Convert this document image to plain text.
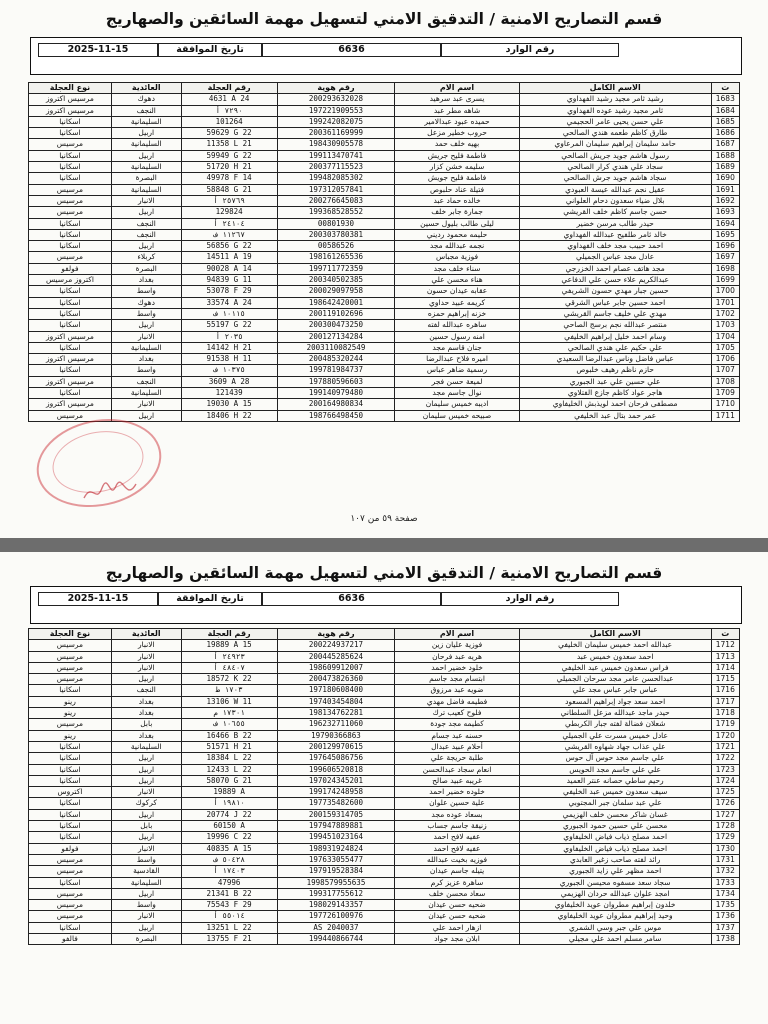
قسم التصاريح الامنية / التدقيق الامني لتسهيل مهمة السائقين والصهاريج
رقم الوارد
6636
تاريخ الموافقة
2025-11-15
نوع العجلة	العائدية	رقم العجلة	رقم هوية	اسم الام	الاسم الكامل	ت
مرسيس اكتروز	دهوك	4631 A 24	200293632028	يسرى عبد سرهيد	رشيد ثامر مجيد رشيد الفهداوي	1683
مرسيس اكتروز	النجف	٧٢٩٠ أ	197221909553	شاهه مطر عبد	ثامر مجيد رشيد عوده الفهداوي	1684
اسكانيا	السليمانية	101264	199242082075	حميده عبود عبدالامير	علي حسن يحيى عامر الحجيمي	1685
اسكانيا	اربيل	59629 G 22	200361169999	حروب خطير مزعل	طارق كاظم طعمه هندي الصالحي	1686
مرسيس	السليمانية	11358 L 21	198430905578	بهيه خلف حمد	حامد سليمان إبراهيم سليمان المرعاوي	1687
اسكانيا	اربيل	59949 G 22	199113470741	فاطمة فليح جريش	رسول هاشم جويد جريش الصالحي	1688
اسكانيا	السليمانية	51720 H 21	200377115523	سليمه خشن كزار	سجاد علي هندي كرار الصالحي	1689
اسكانيا	البصرة	49978 F 14	199482085302	فاطمة فليح جويش	سجاد هاشم جويد جرش الصالحي	1690
مرسيس	السليمانية	58848 G 21	197312057841	فتيلة عناد حلبوص	عقيل نجم عبدالله عيسة العبودي	1691
مرسيس	الانبار	٢٥٧٦٩ أ	200276645083	خالده حماد عبد	بلال ضياء سعدون دحام العلواني	1692
مرسيس	اربيل	129824	199368528552	جمارة جابر خلف	حسن جاسم كاظم خلف القريشي	1693
اسكانيا	النجف	٢٤١٠٤ أ	00801930	ليلى طالب بليول حسين	حيدر طالب مرسن خضير	1694
اسكانيا	النجف	١١٢٦٧ ف	200303780381	حليمه محمود رديني	خالد ثامر طلفيح عبدالله الفهداوي	1695
اسكانيا	اربيل	56856 G 22	00586526	نجمه عبدالله مجد	احمد حبيب مجد خلف الفهداوي	1696
مرسيس	كربلاء	14511 A 19	198161265536	فوزية مجباس	عادل مجد عباس الجميلي	1697
فولفو	البصرة	90028 A 14	199711772359	سناء خلف مجد	مجد هاتف عصام احمد الخزرجي	1698
اكتروز مرسيس	بغداد	94839 G 11	200340502385	هناء محسن علي	عبدالكريم علاء حسن علي الدفاعي	1699
اسكانيا	واسط	53078 F 29	200029097958	عقابه عيدان حسون	حسين جبار مهدي حسون الشريفي	1700
اسكانيا	دهوك	33574 A 24	198642420001	كريمه عبيد حداوي	احمد حسين جابر عباس الشرقي	1701
اسكانيا	واسط	١٠١١٥ ف	200119102696	خزنه إبراهيم حمزه	مهدي علي خليف جاسم القريشي	1702
اسكانيا	اربيل	55197 G 22	200300473250	ساهره عبدالله لفته	منتصر عبدالله نجم برسج الصاحي	1703
مرسيس اكتروز	الانبار	٢٠٣٥ أ	200127134284	امنه رسول حسين	وسام احمد خليل إبراهيم الخليفي	1704
اسكانيا	السليمانية	14142 H 21	2003110082549	جنان قاسم مجد	علي حكيم علي هندي الصالحي	1705
مرسيس اكتروز	بغداد	91538 H 11	200485320244	اميره فلاح عبدالرضا	عباس فاضل وناس عبدالرضا السعيدي	1706
اسكانيا	واسط	١٠٣٧٥ ف	199781984737	رسمية ضاهر عباس	حازم ناظم رهيف خلبوص	1707
مرسيس اكتروز	النجف	3609 A 28	197880596603	لميعة حسن فجر	علي حسين علي عبد الجبوري	1708
اسكانيا	السليمانية	121439	199140979480	نوال جاسم مجد	هاجر عواد كاظم جازع الفتلاوي	1709
مرسيس اكتروز	الانبار	19030 A 15	200164980834	اديبه خميس سليمان	مصطفى فرحان احمد لويذبش الخليفاوي	1710
مرسيس	اربيل	18406 H 22	198766498450	صبيحه خميس سليمان	عمر حمد بتال عبد الخليفي	1711
صفحة ٥٩ من ١٠٧
قسم التصاريح الامنية / التدقيق الامني لتسهيل مهمة السائقين والصهاريج
رقم الوارد
6636
تاريخ الموافقة
2025-11-15
نوع العجلة	العائدية	رقم العجلة	رقم هوية	اسم الام	الاسم الكامل	ت
مرسيس	الانبار	19889 A 15	200224937217	فوزية عليان زين	عبدالله احمد خميس سليمان الخليفي	1712
مرسيس	الانبار	٢٤٩٢٣ أ	200445285624	هريه عبد فرحان	احمد سعدون خميس عبد	1713
مرسيس	الانبار	٤٨٤٠٧ أ	198609912007	خلود خضير احمد	فراس سعدون خميس عبد الخليفي	1714
مرسيس	اربيل	18572 K 22	200473826360	ابتسام مجد جاسم	عبدالحسن عامر مجد سرحان الجميلي	1715
اسكانيا	النجف	١٧٠٣ ط	197180608400	ضويه عبد مرزوق	عباس جابر عباس مجد علي	1716
رينو	بغداد	13106 W 11	197403454804	فطيمه فاضل مهدي	احمد سعد جواد إبراهيم المسعود	1717
رينو	بغداد	١٧٣٠١ م	198134762281	فلوح كعيب ترك	حيدر ماجد عبدالله مزعل السلطاني	1718
مرسيس	بابل	١٠٦٥٥ ف	196232711060	كطيمه مجد جودة	شعلان فضالة لفته جبار الكربطي	1719
رينو	بغداد	16466 B 22	19790366863	حسنه عبد جسام	عادل خميس مسرت علي الجميلي	1720
اسكانيا	السليمانية	51571 H 21	200129970615	أحلام عبيد عبدال	علي عذاب جهاد شهاوه القريشي	1721
اسكانيا	اربيل	18384 L 22	197645086756	طلبة حريجة علي	علي جاسم مجد حوس آل حوس	1722
اسكانيا	اربيل	12433 L 22	199606520818	انعام سجاد عبدالحسن	علي علي جاسم مجد الحويس	1723
اسكانيا	اربيل	58070 G 21	197024345201	غريبه عبيد صالح	رحيم ساطي حصانه عنتر العميد	1724
اكتروس	الانبار	19889 A	199174248958	خلوده خضير احمد	سيف سعدون خميس عبد الخليفي	1725
اسكانيا	كركوك	١٩٨١٠ أ	197735482600	علية حسين علوان	علي عبد سلمان جبر المجتوبي	1726
اسكانيا	اربيل	20774 J 22	200159314705	بسعاد عوده مجد	غسان شاكر محسن خلف الهزيمي	1727
اسكانيا	بابل	60150 A	197947889881	زنيقة جاسم جساب	محسن علي حسين حمود الجبوري	1728
اسكانيا	اربيل	19996 C 22	199451023164	عفيه لافح احمد	احمد مصلح ذياب فياض الخليفاوي	1729
فولفو	الانبار	40835 A 15	198931924824	عفيه لافح احمد	احمد مصلح ذياب فياض الخليفاوي	1730
مرسيس	واسط	٥٠٤٢٨ ف	197633055477	فوزيه بخيت عبدالله	رائد لفته صاحب زغير العابدي	1731
مرسيس	القادسية	١٧٤٠٣ أ	197919528384	يتيله جاسم عيدان	احمد مظهر علي زايد الجبوري	1732
اسكانيا	السليمانية	47996	1998579955635	ساهرة عزيز كرم	سجاد سعد مسفوه محيسن الجبوري	1733
مرسيس	اربيل	21341 B 22	199317755612	سعاد محسن خلف	امجد علوان عبدالله حردان الهزيمي	1734
مرسيس	واسط	75543 F 29	198029143357	ضحيه حسن عيدان	خلدون إبراهيم مطروان عويد الخليفاوي	1735
مرسيس	الانبار	٥٥٠١٤ أ	197726100976	ضحيه حسن عيدان	وحيد إبراهيم مطروان عويد الخليفاوي	1736
اسكانيا	اربيل	13251 L 22	AS 2040037	ازهار احمد علي	موس علي جبر وسي الشمري	1737
فالفو	البصرة	13755 F 21	199440866744	ابلان مجد جواد	سامر مسلم احمد علي مجيلي	1738
